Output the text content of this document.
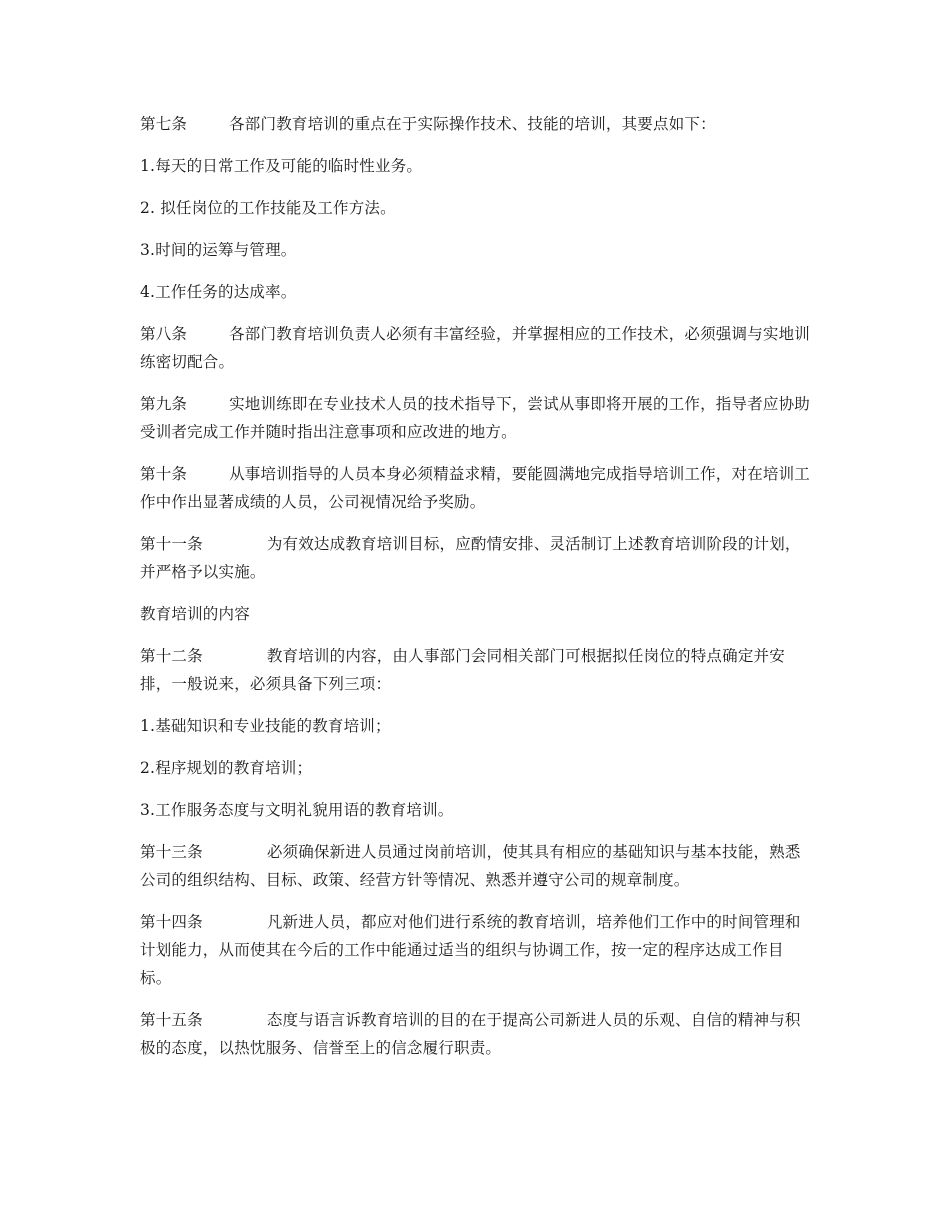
第七条	各部门教育培训的重点在于实际操作技术、技能的培训，其要点如下：

1.每天的日常工作及可能的临时性业务。

2. 拟任岗位的工作技能及工作方法。

3.时间的运筹与管理。

4.工作任务的达成率。

第八条	各部门教育培训负责人必须有丰富经验，并掌握相应的工作技术，必须强调与实地训练密切配合。

第九条	实地训练即在专业技术人员的技术指导下，尝试从事即将开展的工作，指导者应协助受训者完成工作并随时指出注意事项和应改进的地方。

第十条	从事培训指导的人员本身必须精益求精，要能圆满地完成指导培训工作，对在培训工作中作出显著成绩的人员，公司视情况给予奖励。

第十一条	为有效达成教育培训目标，应酌情安排、灵活制订上述教育培训阶段的计划，并严格予以实施。

教育培训的内容

第十二条	教育培训的内容，由人事部门会同相关部门可根据拟任岗位的特点确定并安排，一般说来，必须具备下列三项：

1.基础知识和专业技能的教育培训；

2.程序规划的教育培训；

3.工作服务态度与文明礼貌用语的教育培训。

第十三条	必须确保新进人员通过岗前培训，使其具有相应的基础知识与基本技能，熟悉公司的组织结构、目标、政策、经营方针等情况、熟悉并遵守公司的规章制度。

第十四条	凡新进人员，都应对他们进行系统的教育培训，培养他们工作中的时间管理和计划能力，从而使其在今后的工作中能通过适当的组织与协调工作，按一定的程序达成工作目标。

第十五条	态度与语言诉教育培训的目的在于提高公司新进人员的乐观、自信的精神与积极的态度，以热忱服务、信誉至上的信念履行职责。
